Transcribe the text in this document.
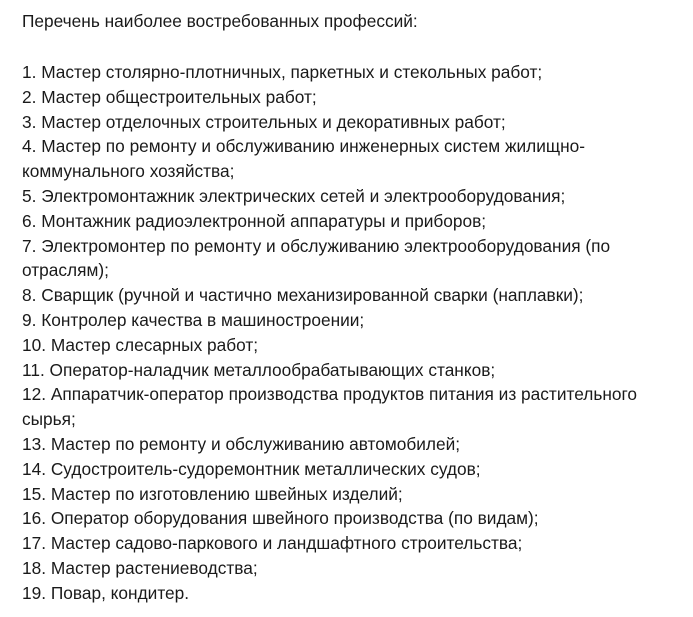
Перечень наиболее востребованных профессий:

1. Мастер столярно-плотничных, паркетных и стекольных работ;
2. Мастер общестроительных работ;
3. Мастер отделочных строительных и декоративных работ;
4. Мастер по ремонту и обслуживанию инженерных систем жилищно-коммунального хозяйства;
5. Электромонтажник электрических сетей и электрооборудования;
6. Монтажник радиоэлектронной аппаратуры и приборов;
7. Электромонтер по ремонту и обслуживанию электрооборудования (по отраслям);
8. Сварщик (ручной и частично механизированной сварки (наплавки);
9. Контролер качества в машиностроении;
10. Мастер слесарных работ;
11. Оператор-наладчик металлообрабатывающих станков;
12. Аппаратчик-оператор производства продуктов питания из растительного сырья;
13. Мастер по ремонту и обслуживанию автомобилей;
14. Судостроитель-судоремонтник металлических судов;
15. Мастер по изготовлению швейных изделий;
16. Оператор оборудования швейного производства (по видам);
17. Мастер садово-паркового и ландшафтного строительства;
18. Мастер растениеводства;
19. Повар, кондитер.
